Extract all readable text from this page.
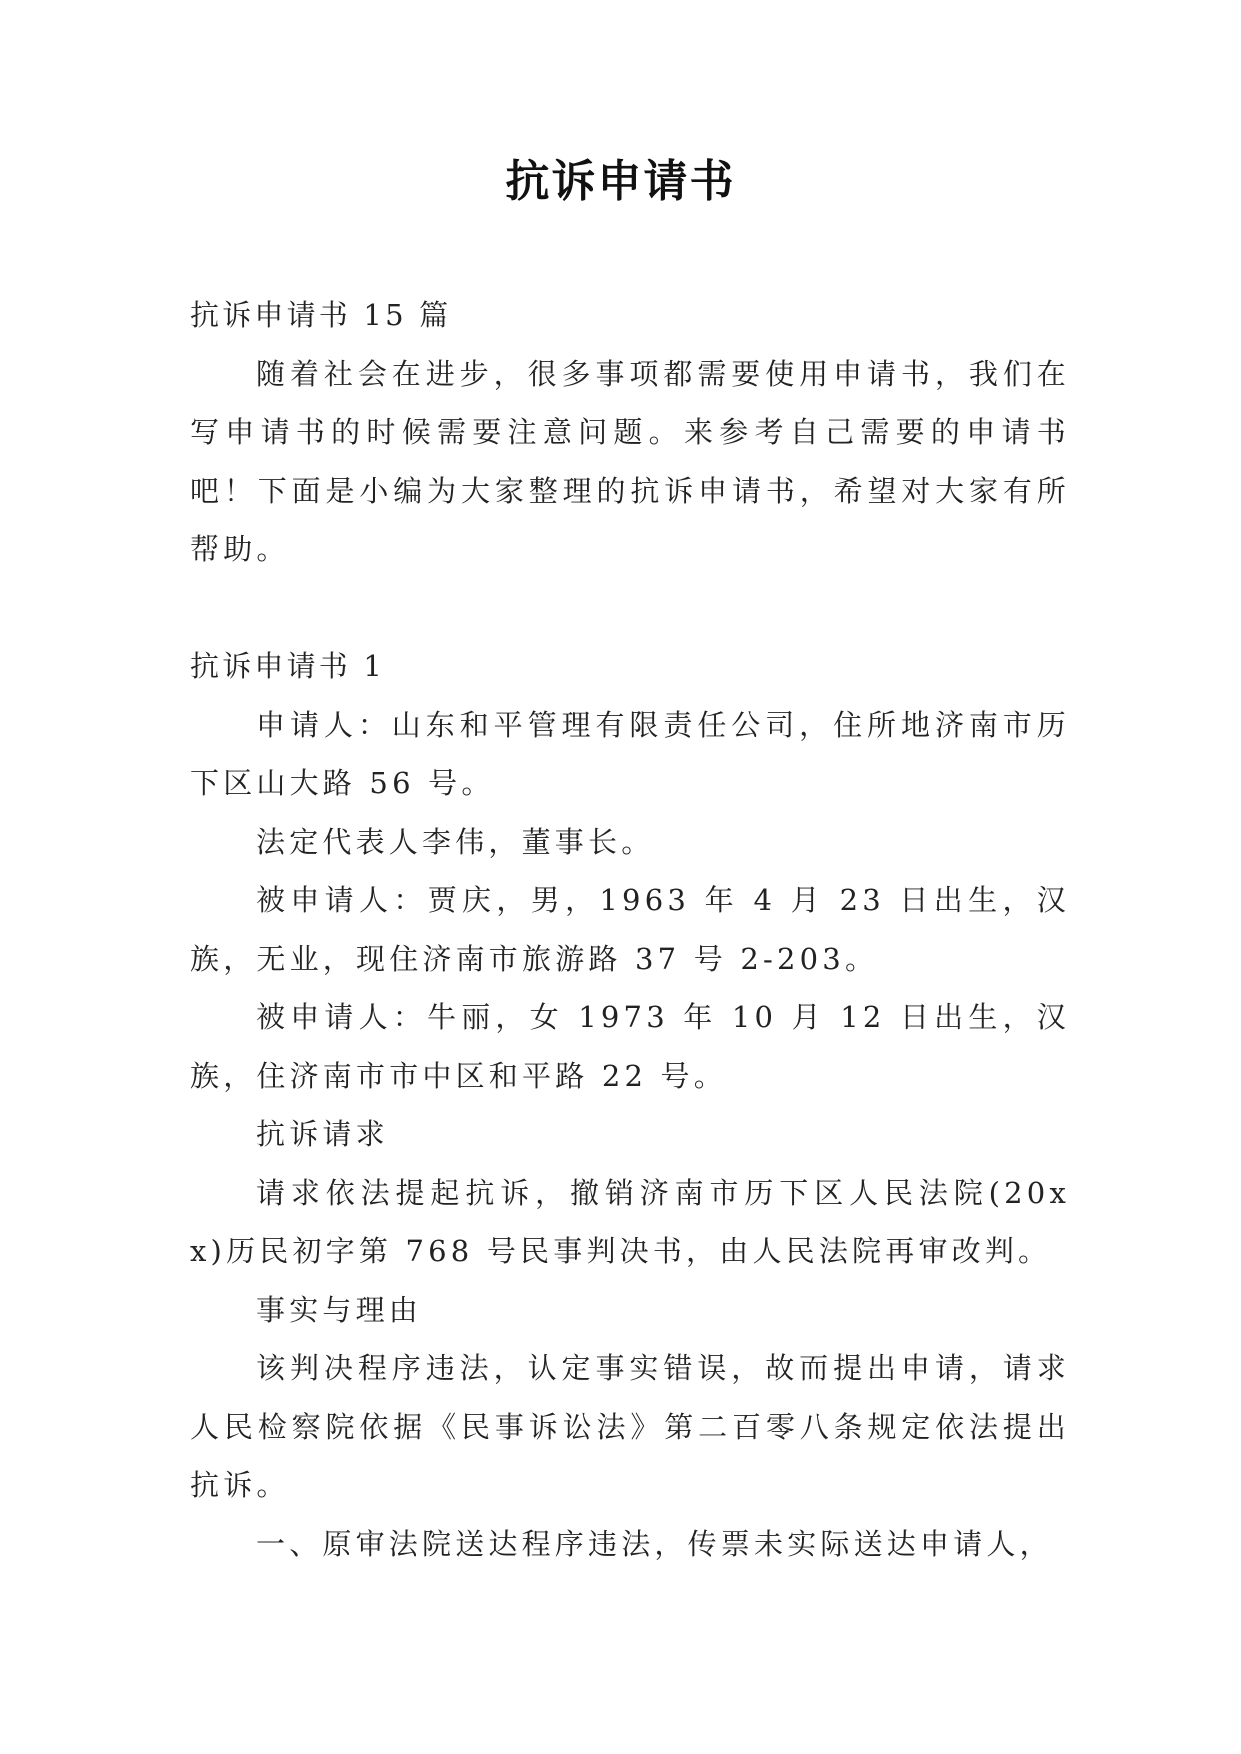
抗诉申请书

抗诉申请书 15 篇

随着社会在进步，很多事项都需要使用申请书，我们在写申请书的时候需要注意问题。来参考自己需要的申请书吧！下面是小编为大家整理的抗诉申请书，希望对大家有所帮助。

抗诉申请书 1

申请人：山东和平管理有限责任公司，住所地济南市历下区山大路 56 号。

法定代表人李伟，董事长。

被申请人：贾庆，男，1963 年 4 月 23 日出生，汉族，无业，现住济南市旅游路 37 号 2-203。

被申请人：牛丽，女 1973 年 10 月 12 日出生，汉族，住济南市市中区和平路 22 号。

抗诉请求

请求依法提起抗诉，撤销济南市历下区人民法院(20xx)历民初字第 768 号民事判决书，由人民法院再审改判。

事实与理由

该判决程序违法，认定事实错误，故而提出申请，请求人民检察院依据《民事诉讼法》第二百零八条规定依法提出抗诉。

一、原审法院送达程序违法，传票未实际送达申请人，
